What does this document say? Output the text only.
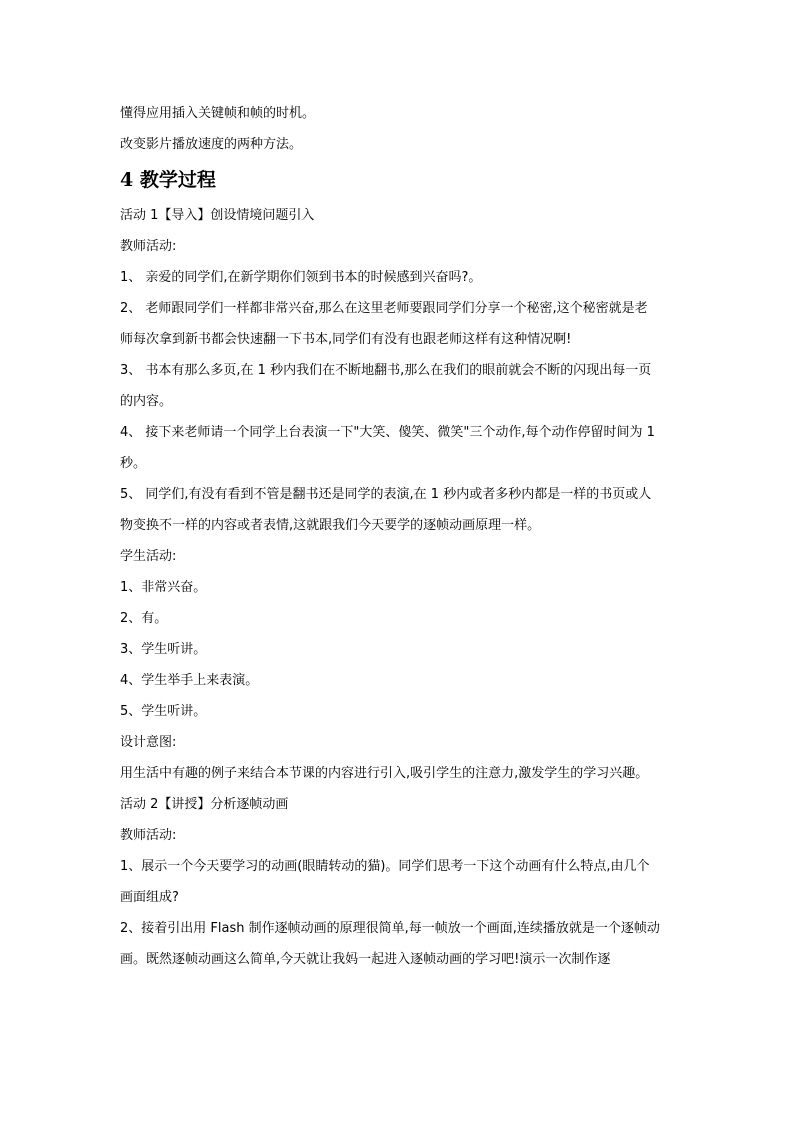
懂得应用插入关键帧和帧的时机。

改变影片播放速度的两种方法。

4 教学过程

活动 1【导入】创设情境问题引入

教师活动:

1、 亲爱的同学们,在新学期你们领到书本的时候感到兴奋吗?。

2、 老师跟同学们一样都非常兴奋,那么在这里老师要跟同学们分享一个秘密,这个秘密就是老师每次拿到新书都会快速翻一下书本,同学们有没有也跟老师这样有这种情况啊!

3、 书本有那么多页,在 1 秒内我们在不断地翻书,那么在我们的眼前就会不断的闪现出每一页的内容。

4、 接下来老师请一个同学上台表演一下"大笑、傻笑、微笑"三个动作,每个动作停留时间为 1 秒。

5、 同学们,有没有看到不管是翻书还是同学的表演,在 1 秒内或者多秒内都是一样的书页或人物变换不一样的内容或者表情,这就跟我们今天要学的逐帧动画原理一样。

学生活动:

1、非常兴奋。

2、有。

3、学生听讲。

4、学生举手上来表演。

5、学生听讲。

设计意图:

用生活中有趣的例子来结合本节课的内容进行引入,吸引学生的注意力,激发学生的学习兴趣。

活动 2【讲授】分析逐帧动画

教师活动:

1、展示一个今天要学习的动画(眼睛转动的猫)。同学们思考一下这个动画有什么特点,由几个画面组成?

2、接着引出用 Flash 制作逐帧动画的原理很简单,每一帧放一个画面,连续播放就是一个逐帧动画。既然逐帧动画这么简单,今天就让我妈一起进入逐帧动画的学习吧!演示一次制作逐
